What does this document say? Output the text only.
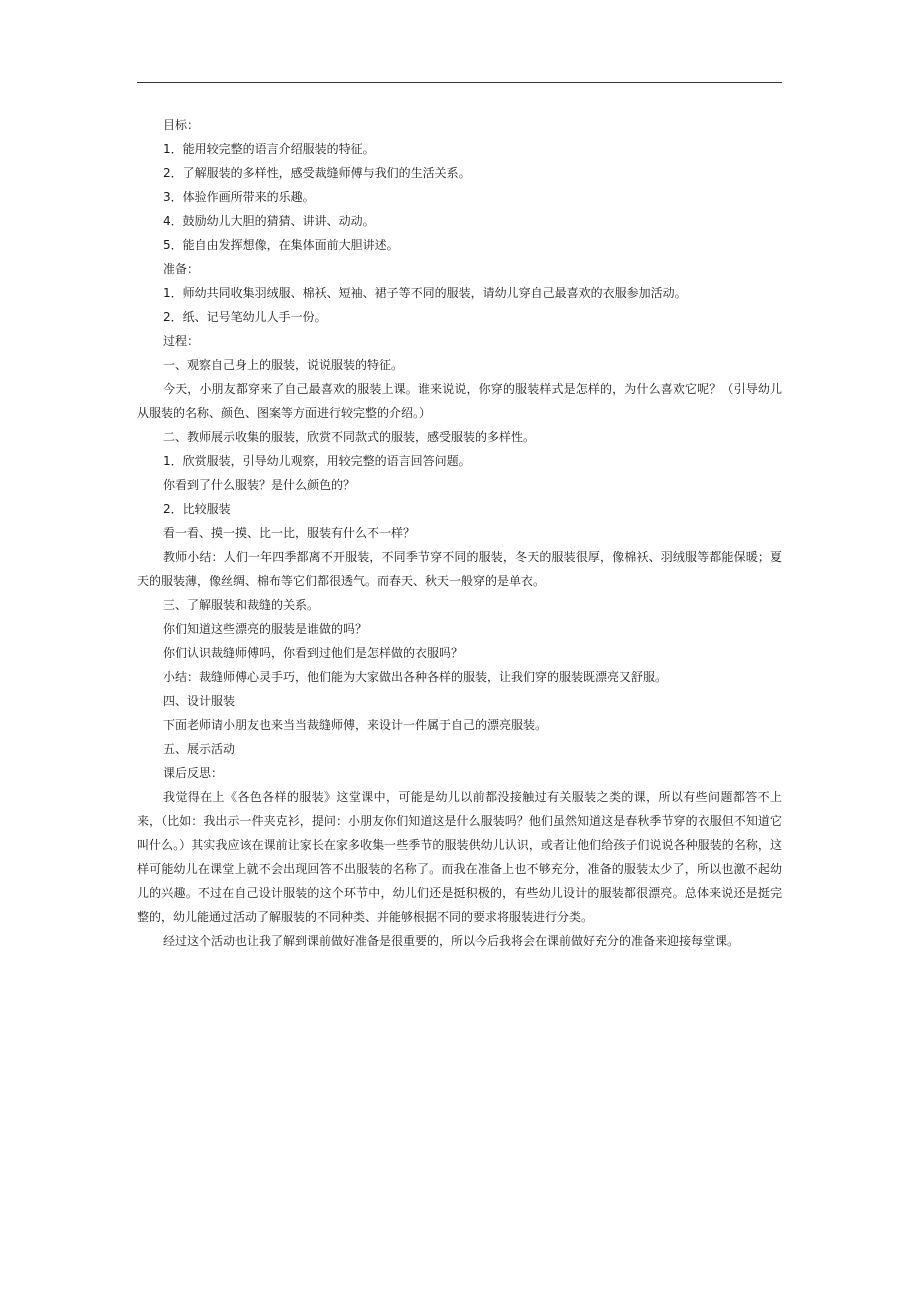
目标：

1．能用较完整的语言介绍服装的特征。

2．了解服装的多样性，感受裁缝师傅与我们的生活关系。

3．体验作画所带来的乐趣。

4．鼓励幼儿大胆的猜猜、讲讲、动动。

5．能自由发挥想像，在集体面前大胆讲述。

准备：

1．师幼共同收集羽绒服、棉袄、短袖、裙子等不同的服装，请幼儿穿自己最喜欢的衣服参加活动。

2．纸、记号笔幼儿人手一份。

过程：

一、观察自己身上的服装，说说服装的特征。

今天，小朋友都穿来了自己最喜欢的服装上课。谁来说说，你穿的服装样式是怎样的，为什么喜欢它呢？（引导幼儿从服装的名称、颜色、图案等方面进行较完整的介绍。）

二、教师展示收集的服装，欣赏不同款式的服装，感受服装的多样性。

1．欣赏服装，引导幼儿观察，用较完整的语言回答问题。

你看到了什么服装？是什么颜色的？

2．比较服装

看一看、摸一摸、比一比，服装有什么不一样？

教师小结：人们一年四季都离不开服装，不同季节穿不同的服装，冬天的服装很厚，像棉袄、羽绒服等都能保暖；夏天的服装薄，像丝绸、棉布等它们都很透气。而春天、秋天一般穿的是单衣。

三、了解服装和裁缝的关系。

你们知道这些漂亮的服装是谁做的吗？

你们认识裁缝师傅吗，你看到过他们是怎样做的衣服吗？

小结：裁缝师傅心灵手巧，他们能为大家做出各种各样的服装，让我们穿的服装既漂亮又舒服。

四、设计服装

下面老师请小朋友也来当当裁缝师傅，来设计一件属于自己的漂亮服装。

五、展示活动

课后反思：

我觉得在上《各色各样的服装》这堂课中，可能是幼儿以前都没接触过有关服装之类的课，所以有些问题都答不上来，（比如：我出示一件夹克衫，提问：小朋友你们知道这是什么服装吗？他们虽然知道这是春秋季节穿的衣服但不知道它叫什么。）其实我应该在课前让家长在家多收集一些季节的服装供幼儿认识，或者让他们给孩子们说说各种服装的名称，这样可能幼儿在课堂上就不会出现回答不出服装的名称了。而我在准备上也不够充分，准备的服装太少了，所以也激不起幼儿的兴趣。不过在自己设计服装的这个环节中，幼儿们还是挺积极的，有些幼儿设计的服装都很漂亮。总体来说还是挺完整的，幼儿能通过活动了解服装的不同种类、并能够根据不同的要求将服装进行分类。

经过这个活动也让我了解到课前做好准备是很重要的，所以今后我将会在课前做好充分的准备来迎接每堂课。
